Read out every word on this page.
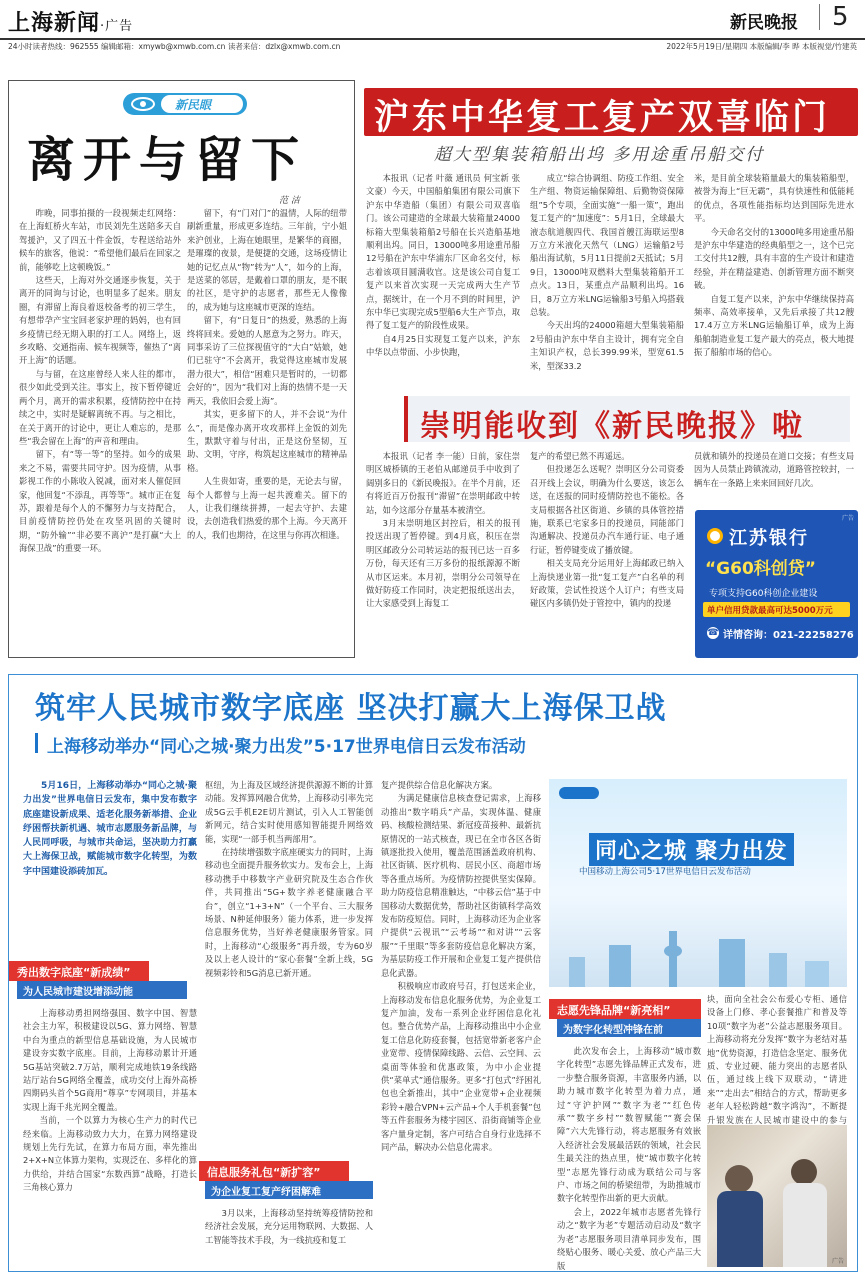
上海新闻·广告	新民晚报 5
24小时读者热线：962555 编辑邮箱：xmywb@xmwb.com.cn 读者来信：dzlx@xmwb.com.cn	2022年5月19日/星期四 本版编辑/李 晔 本版视觉/竹建英
新民眼
离开与留下
范 洁

昨晚，同事拍摄的一段视频走红网络：在上海虹桥火车站，市民刘先生送陪多天自驾援沪，又了四五十件金饭，专程送给站外候车的旅客，他说：“希望他们最后在回家之前，能够吃上这顿晚饭。”

这些天，上海对外交通逐步恢复，关于离开的同询与讨论，也明显多了起来。朋友圈，有滞留上海良着返校备考的初三学生，有想带孕产宝宝回老家护理的妈妈，也有回乡疫情已经无期入职的打工人。网络上，返乡攻略、交通指南、候车视频等，催热了“离开上海”的话题。

与与留，在这座曾经人来人往的都市，很少如此受到关注。事实上，按下暂停键近两个月，离开的需求积累，疫情防控中在持续之中，实时是疑解离统不再。与之相比，在关于离开的讨论中，更让人难忘的，是那些“我会留在上海”的声音和理由。

留下，有“等一等”的坚持。如今的成果来之不易，需要共同守护。因为疫情，从事影视工作的小陈收入锐减，面对来人催促回家，他回复“不添乱，再等等”。城市正在复苏，跟着是每个人的不懈努力与支持配合，目前疫情防控仍处在攻坚巩固的关键时期，“防外输”“非必要不离沪”是打赢“大上海保卫战”的重要一环。

留下，有“门对门”的温情，人际的纽带刷新重量，形成更多连结。三年前，宁小姐来沪创业，上海在她眼里，是繁华的商圈，是璀璨的夜景，是便捷的交通，这场疫情让她的记忆点从“物”转为“人”，如今的上海，是送菜的邻居，是戴着口罩的朋友，是不眠的社区，是守护的志愿者，那些无人像像的，成为她与这座城市更深的连结。

留下，有“日复日”的热爱，熟悉的上海终将回来。爱她的人愿意为之努力。昨天，同事采访了三位探视值守的“大白”姑娘，她们已驻守“不会离开，我觉得这座城市发展潜力很大”，相信“困难只是暂时的，一切都会好的”，因为“我们对上海的热情不是一天两天，我依旧会爱上海”。

其实，更多留下的人，并不会说“为什么”，而是像办离开攻攻那样上金饭的刘先生，默默守着与付出，正是这份坚韧，互助、文明，守序，构筑起这座城市的精神品格。

人生贵如寄，重要的是，无论去与留，每个人都曾与上海一起共渡难关。留下的人，让我们继续拼搏，一起去守护、去建设，去创造我们热爱的那个上海。今天离开的人，我们也期待，在这里与你再次相逢。

沪东中华复工复产双喜临门
超大型集装箱船出坞 多用途重吊船交付

本报讯（记者 叶薇 通讯员 何宝新 张文豪）今天，中国船舶集团有限公司旗下沪东中华造船（集团）有限公司双喜临门。该公司建造的全球最大装箱量24000标箱大型集装箱船2号船在长兴造船基地顺利出坞。同日，13000吨多用途重吊船12号船在沪东中华浦东厂区命名交付，标志着该项目圆满收官。这是该公司自复工复产以来首次实现一天完成两大生产节点，据统计，在一个月不到的时间里，沪东中华已实现完成5型船6大生产节点，取得了复工复产的阶段性成果。

自4月25日实现复工复产以来，沪东中华以点带面、小步快跑，

成立“综合协调组、防疫工作组、安全生产组、物资运输保障组、后勤物资保障组”5个专项，全面实施“一船一策”，跑出复工复产的“加速度”：5月1日，全球最大液态航道舰四代、我国首艘江海联运型8万立方米液化天然气（LNG）运输船2号船出海试航，5月11日提前2天抵试；5月9日，13000吨双燃料大型集装箱船开工点火。13日，某重点产品顺利出坞。16日，8万立方米LNG运输船3号船入坞搭载总装。

今天出坞的24000箱超大型集装箱船2号船由沪东中华自主设计，拥有完全自主知识产权，总长399.99米，型宽61.5米，型深33.2

米，是目前全球装箱量最大的集装箱船型，被誉为海上“巨无霸”，具有快速性和低能耗的优点，各项性能指标均达到国际先进水平。

今天命名交付的13000吨多用途重吊船是沪东中华建造的经典船型之一，这个已完工交付共12艘，具有丰富的生产设计和建造经验，并在精益建造、创新管理方面不断突破。

自复工复产以来，沪东中华继续保持高频率、高效率接单，又先后承接了共12艘17.4万立方米LNG运输船订单，成为上海船舶制造业复工复产最大的亮点，极大地提振了船舶市场的信心。

崇明能收到《新民晚报》啦

本报讯（记者 李一能）日前，家住崇明区城桥镇的王老伯从邮递员手中收到了阔别多日的《新民晚报》。在半个月前，还有将近百万份报刊“滞留”在崇明邮政中转站，如今这部分存量基本被清空。

3月末崇明地区封控后，相关的报刊投送出现了暂停键。到4月底，积压在崇明区邮政分公司转运站的报刊已达一百多万份，每天还有三万多份的报纸源源不断从市区运来。本月初，崇明分公司领导在做好防疫工作同时，决定把报纸送出去，让大家感受到上海复工

复产的希望已然不再遥远。

但投递怎么送呢？崇明区分公司资委召开线上会议，明确为什么要送，该怎么送，在送报的同时疫情防控也不能松。各支局根据各社区街道、乡镇的具体管控措施，联系已宅家多日的投递员，同能部门沟通解决、投递员办汽车通行证、电子通行证，暂停键变成了播放键。

相关支局充分运用好上海邮政已纳入上海快递业第一批“复工复产”白名单的利好政策，尝试性投送个人订户；有些支局碰区内多镇仍处于管控中，镇内的投递

员就和镇外的投递员在道口交接；有些支局因为人员禁止跨镇流动，道路管控较封，一辆车在一条路上来来回回好几次。

广告
江苏银行
“G60科创贷”
专项支持G60科创企业建设
单户信用贷款最高可达5000万元
☎ 详情咨询：021-22258276
筑牢人民城市数字底座 坚决打赢大上海保卫战
上海移动举办“同心之城·聚力出发”5·17世界电信日云发布活动
5月16日，上海移动举办“同心之城·聚力出发”世界电信日云发布，集中发布数字底座建设新成果、适老化服务新举措、企业纾困帮扶新机遇、城市志愿服务新品牌，与人民同呼吸，与城市共命运，坚决助力打赢大上海保卫战，赋能城市数字化转型，为数字中国建设添砖加瓦。
秀出数字底座“新成绩”
为人民城市建设增添动能

上海移动勇担网络强国、数字中国、智慧社会主力军，积极建设以5G、算力网络、智慧中台为重点的新型信息基础设施，为人民城市建设夯实数字底座。目前，上海移动累计开通5G基站突破2.7万站，顺利完成地铁19条线路站厅站台5G网络全覆盖，成功交付上海外高桥四期码头首个5G商用“尊享”专网项目，并基本实现上海千兆光网全覆盖。

当前，一个以算力为核心生产力的时代已经来临。上海移动致力大力，在算力网络建设规划上先行先试，在算力布局方面，率先推出2+X+N立体算力架构，实现泛在、多样化的算力供给，并结合国家“东数西算”战略，打造长三角核心算力

枢纽，为上海及区域经济提供源源不断的计算动能。发挥算网融合优势，上海移动引率先完成5G云手机E2E切片测试，引入人工智能创新网元，结合实时使用感知智能提升网络效能，实现“一部手机当两部用”。

在持续增强数字底座硬实力的同时，上海移动也全面提升服务软实力。发布会上，上海移动携手中移数字产业研究院及生态合作伙伴，共同推出“5G+数字养老健康融合平台”，创立“1+3+N”（一个平台、三大服务场景、N种延伸服务）能力体系，进一步发挥信息服务优势，当好养老健康服务管家。同时，上海移动“心级服务”再升级，专为60岁及以上老人设计的“家心套餐”全新上线，5G视频彩铃和5G消息已新开通。

信息服务礼包“新扩容”
为企业复工复产纾困解难

3月以来，上海移动坚持统筹疫情防控和经济社会发展，充分运用物联网、大数据、人工智能等技术手段，为一线抗疫和复工

复产提供综合信息化解决方案。

为满足健康信息核查登记需求，上海移动推出“数字哨兵”产品，实现体温、健康码、核酸检测结果、新冠疫苗接种、最新抗原情况的一站式核查，现已在全市各区各街镇逐批投入使用，覆盖范围涵盖政府机构、社区街镇、医疗机构、居民小区、商超市场等各重点场所。为疫情防控提供坚实保障。助力防疫信息精准触达，“中移云信”基于中国移动大数据优势，帮助社区街镇科学高效发布防疫短信。同时，上海移动还为企业客户提供“云视讯”“云考场”“和对讲”“云客服”“千里眼”等多套防疫信息化解决方案，为基层防疫工作开展和企业复工复产提供信息化武器。

积极响应市政府号召，打包送来企业，上海移动发布信息化服务优势，为企业复工复产加油，发布一系列企业纾困信息化礼包。整合优势产品，上海移动推出中小企业复工信息化防疫套餐，包括宽带新老客户企业宽带、疫情保障线路、云信、云空间、云桌面等体验和优惠政策，为中小企业提供“菜单式”通信服务。更多“打包式”纾困礼包也全新推出，其中“企业宽带+企业视频彩铃+融合VPN+云产品+个人手机套餐”包等五件套服务为楼宇园区、沿街商铺等企业客户量身定制，客户可结合自身行业选择不同产品，解决办公信息化需求。

同心之城 聚力出发
中国移动上海公司5·17世界电信日云发布活动
志愿先锋品牌“新亮相”
为数字化转型冲锋在前

此次发布会上，上海移动“城市数字化转型”志愿先锋品牌正式发布，进一步整合服务资源，丰富服务内涵，以助力城市数字化转型为着力点，通过“守沪护网”“数字为老”“红色传承”“数字乡村”“数智赋能”“赛会保障”六大先锋行动，将志愿服务有效嵌入经济社会发展最活跃的领域，社会民生最关注的热点里，使“城市数字化转型”志愿先锋行动成为联结公司与客户、市场之间的桥梁纽带，为助推城市数字化转型作出新的更大贡献。

会上，2022年城市志愿者先锋行动之“数字为老”专题活动启动及“数字为老”志愿服务项目清单同步发布，围绕贴心服务、暖心关爱、放心产品三大版

块，面向全社会公布爱心专柜、通信设备上门修、孝心套餐推广和普及等10项“数字为老”公益志愿服务项目。上海移动将充分发挥“数字为老结对基地”优势资源，打造信念坚定、服务优质、专业过硬、能力突出的志愿者队伍，通过线上线下双联动，“请进来”“走出去”相结合的方式，帮助更多老年人轻松跨越“数字鸿沟”，不断提升银发族在人民城市建设中的参与

广告
